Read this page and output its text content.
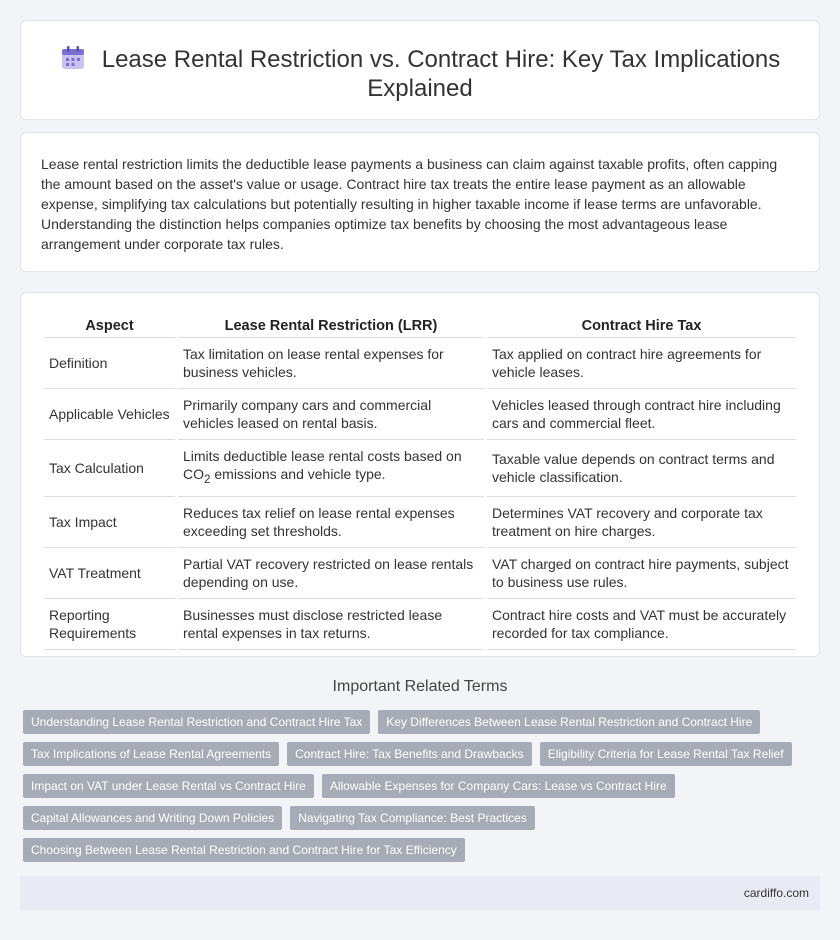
Lease Rental Restriction vs. Contract Hire: Key Tax Implications Explained

Lease rental restriction limits the deductible lease payments a business can claim against taxable profits, often capping the amount based on the asset's value or usage. Contract hire tax treats the entire lease payment as an allowable expense, simplifying tax calculations but potentially resulting in higher taxable income if lease terms are unfavorable. Understanding the distinction helps companies optimize tax benefits by choosing the most advantageous lease arrangement under corporate tax rules.

Aspect	Lease Rental Restriction (LRR)	Contract Hire Tax
Definition	Tax limitation on lease rental expenses for business vehicles.	Tax applied on contract hire agreements for vehicle leases.
Applicable Vehicles	Primarily company cars and commercial vehicles leased on rental basis.	Vehicles leased through contract hire including cars and commercial fleet.
Tax Calculation	Limits deductible lease rental costs based on $CO_2$ emissions and vehicle type.	Taxable value depends on contract terms and vehicle classification.
Tax Impact	Reduces tax relief on lease rental expenses exceeding set thresholds.	Determines VAT recovery and corporate tax treatment on hire charges.
VAT Treatment	Partial VAT recovery restricted on lease rentals depending on use.	VAT charged on contract hire payments, subject to business use rules.
Reporting Requirements	Businesses must disclose restricted lease rental expenses in tax returns.	Contract hire costs and VAT must be accurately recorded for tax compliance.
Important Related Terms
Understanding Lease Rental Restriction and Contract Hire Tax	Key Differences Between Lease Rental Restriction and Contract Hire
Tax Implications of Lease Rental Agreements	Contract Hire: Tax Benefits and Drawbacks	Eligibility Criteria for Lease Rental Tax Relief
Impact on VAT under Lease Rental vs Contract Hire	Allowable Expenses for Company Cars: Lease vs Contract Hire
Capital Allowances and Writing Down Policies	Navigating Tax Compliance: Best Practices
Choosing Between Lease Rental Restriction and Contract Hire for Tax Efficiency
cardiffo.com
